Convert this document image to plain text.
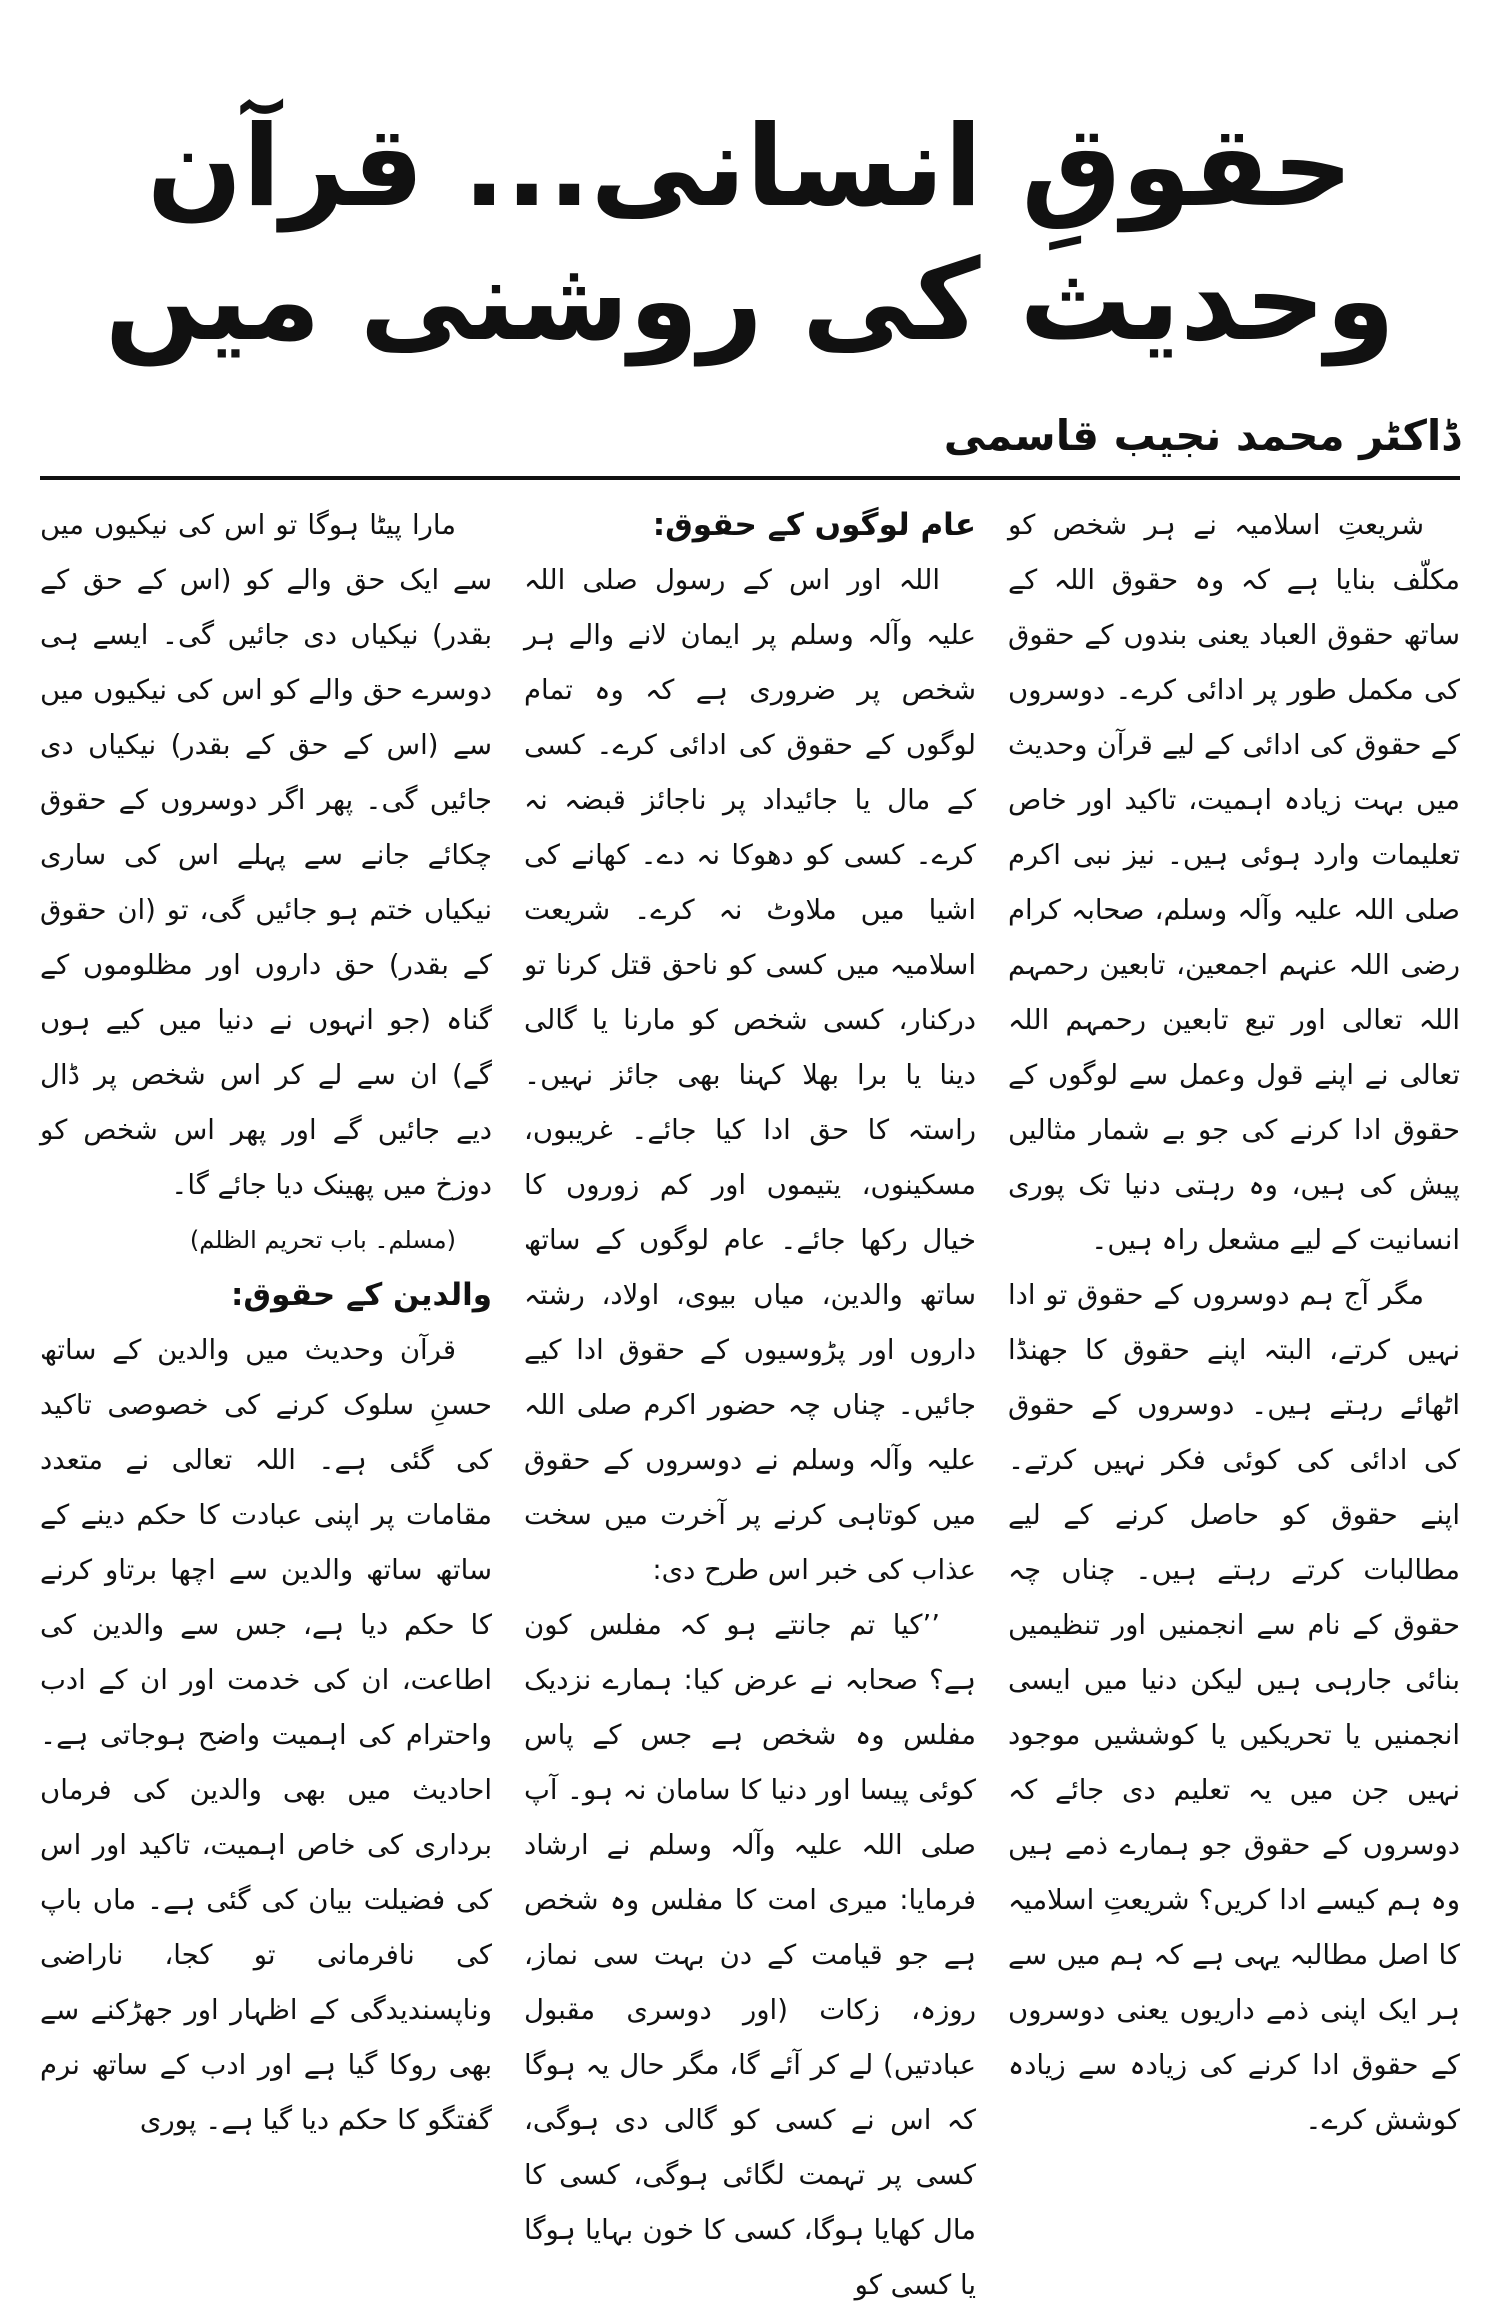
حقوقِ انسانی... قرآن وحدیث کی روشنی میں
ڈاکٹر محمد نجیب قاسمی

شریعتِ اسلامیہ نے ہر شخص کو مکلّف بنایا ہے کہ وہ حقوق اللہ کے ساتھ حقوق العباد یعنی بندوں کے حقوق کی مکمل طور پر ادائی کرے۔ دوسروں کے حقوق کی ادائی کے لیے قرآن وحدیث میں بہت زیادہ اہمیت، تاکید اور خاص تعلیمات وارد ہوئی ہیں۔ نیز نبی اکرم صلی اللہ علیہ وآلہ وسلم، صحابہ کرام رضی اللہ عنہم اجمعین، تابعین رحمہم اللہ تعالی اور تبع تابعین رحمہم اللہ تعالی نے اپنے قول وعمل سے لوگوں کے حقوق ادا کرنے کی جو بے شمار مثالیں پیش کی ہیں، وہ رہتی دنیا تک پوری انسانیت کے لیے مشعل راہ ہیں۔

مگر آج ہم دوسروں کے حقوق تو ادا نہیں کرتے، البتہ اپنے حقوق کا جھنڈا اٹھائے رہتے ہیں۔ دوسروں کے حقوق کی ادائی کی کوئی فکر نہیں کرتے۔ اپنے حقوق کو حاصل کرنے کے لیے مطالبات کرتے رہتے ہیں۔ چناں چہ حقوق کے نام سے انجمنیں اور تنظیمیں بنائی جارہی ہیں لیکن دنیا میں ایسی انجمنیں یا تحریکیں یا کوششیں موجود نہیں جن میں یہ تعلیم دی جائے کہ دوسروں کے حقوق جو ہمارے ذمے ہیں وہ ہم کیسے ادا کریں؟ شریعتِ اسلامیہ کا اصل مطالبہ یہی ہے کہ ہم میں سے ہر ایک اپنی ذمے داریوں یعنی دوسروں کے حقوق ادا کرنے کی زیادہ سے زیادہ کوشش کرے۔

عام لوگوں کے حقوق:

اللہ اور اس کے رسول صلی اللہ علیہ وآلہ وسلم پر ایمان لانے والے ہر شخص پر ضروری ہے کہ وہ تمام لوگوں کے حقوق کی ادائی کرے۔ کسی کے مال یا جائیداد پر ناجائز قبضہ نہ کرے۔ کسی کو دھوکا نہ دے۔ کھانے کی اشیا میں ملاوٹ نہ کرے۔ شریعت اسلامیہ میں کسی کو ناحق قتل کرنا تو درکنار، کسی شخص کو مارنا یا گالی دینا یا برا بھلا کہنا بھی جائز نہیں۔ راستہ کا حق ادا کیا جائے۔ غریبوں، مسکینوں، یتیموں اور کم زوروں کا خیال رکھا جائے۔ عام لوگوں کے ساتھ ساتھ والدین، میاں بیوی، اولاد، رشتہ داروں اور پڑوسیوں کے حقوق ادا کیے جائیں۔ چناں چہ حضور اکرم صلی اللہ علیہ وآلہ وسلم نے دوسروں کے حقوق میں کوتاہی کرنے پر آخرت میں سخت عذاب کی خبر اس طرح دی:

’’کیا تم جانتے ہو کہ مفلس کون ہے؟ صحابہ نے عرض کیا: ہمارے نزدیک مفلس وہ شخص ہے جس کے پاس کوئی پیسا اور دنیا کا سامان نہ ہو۔ آپ صلی اللہ علیہ وآلہ وسلم نے ارشاد فرمایا: میری امت کا مفلس وہ شخص ہے جو قیامت کے دن بہت سی نماز، روزہ، زکات (اور دوسری مقبول عبادتیں) لے کر آئے گا، مگر حال یہ ہوگا کہ اس نے کسی کو گالی دی ہوگی، کسی پر تہمت لگائی ہوگی، کسی کا مال کھایا ہوگا، کسی کا خون بہایا ہوگا یا کسی کو

مارا پیٹا ہوگا تو اس کی نیکیوں میں سے ایک حق والے کو (اس کے حق کے بقدر) نیکیاں دی جائیں گی۔ ایسے ہی دوسرے حق والے کو اس کی نیکیوں میں سے (اس کے حق کے بقدر) نیکیاں دی جائیں گی۔ پھر اگر دوسروں کے حقوق چکائے جانے سے پہلے اس کی ساری نیکیاں ختم ہو جائیں گی، تو (ان حقوق کے بقدر) حق داروں اور مظلوموں کے گناہ (جو انہوں نے دنیا میں کیے ہوں گے) ان سے لے کر اس شخص پر ڈال دیے جائیں گے اور پھر اس شخص کو دوزخ میں پھینک دیا جائے گا۔

(مسلم۔ باب تحریم الظلم)

والدین کے حقوق:

قرآن وحدیث میں والدین کے ساتھ حسنِ سلوک کرنے کی خصوصی تاکید کی گئی ہے۔ اللہ تعالی نے متعدد مقامات پر اپنی عبادت کا حکم دینے کے ساتھ ساتھ والدین سے اچھا برتاو کرنے کا حکم دیا ہے، جس سے والدین کی اطاعت، ان کی خدمت اور ان کے ادب واحترام کی اہمیت واضح ہوجاتی ہے۔ احادیث میں بھی والدین کی فرماں برداری کی خاص اہمیت، تاکید اور اس کی فضیلت بیان کی گئی ہے۔ ماں باپ کی نافرمانی تو کجا، ناراضی وناپسندیدگی کے اظہار اور جھڑکنے سے بھی روکا گیا ہے اور ادب کے ساتھ نرم گفتگو کا حکم دیا گیا ہے۔ پوری
